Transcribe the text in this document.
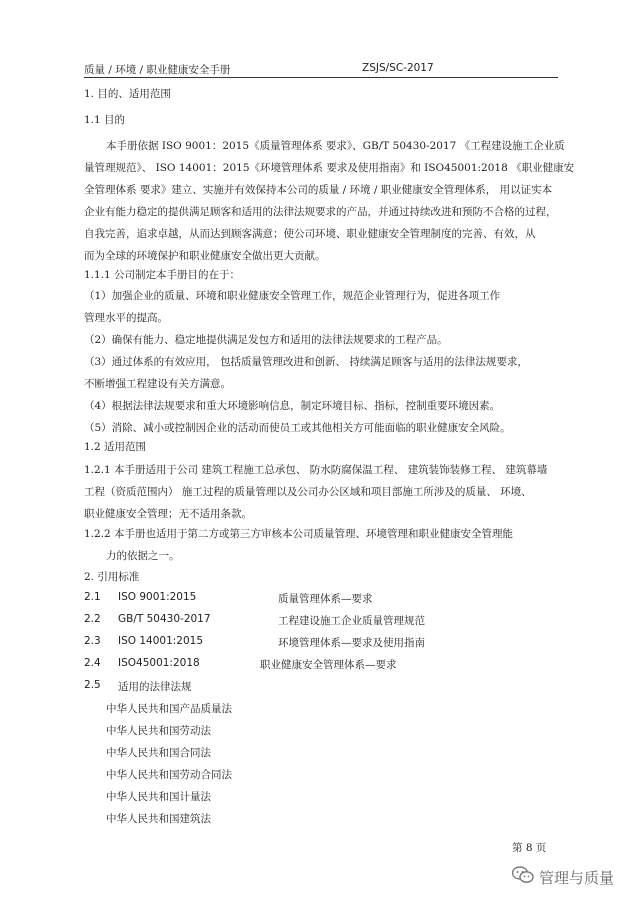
质量 / 环境 / 职业健康安全手册	ZSJS/SC-2017
1. 目的、适用范围
1.1 目的
本手册依据 ISO 9001：2015《质量管理体系 要求》、GB/T 50430-2017 《工程建设施工企业质
量管理规范》、 ISO 14001：2015《环境管理体系 要求及使用指南》和 ISO45001:2018 《职业健康安
全管理体系 要求》建立、实施并有效保持本公司的质量 / 环境 / 职业健康安全管理体系， 用以证实本
企业有能力稳定的提供满足顾客和适用的法律法规要求的产品，并通过持续改进和预防不合格的过程，
自我完善，追求卓越，从而达到顾客满意；使公司环境、职业健康安全管理制度的完善、有效，从
而为全球的环境保护和职业健康安全做出更大贡献。
1.1.1 公司制定本手册目的在于：
（1）加强企业的质量、环境和职业健康安全管理工作，规范企业管理行为，促进各项工作
管理水平的提高。
（2）确保有能力、稳定地提供满足发包方和适用的法律法规要求的工程产品。
（3）通过体系的有效应用， 包括质量管理改进和创新、 持续满足顾客与适用的法律法规要求，
不断增强工程建设有关方满意。
（4）根据法律法规要求和重大环境影响信息，制定环境目标、指标，控制重要环境因素。
（5）消除、减小或控制因企业的活动而使员工或其他相关方可能面临的职业健康安全风险。
1.2 适用范围
1.2.1 本手册适用于公司 建筑工程施工总承包、 防水防腐保温工程、 建筑装饰装修工程、 建筑幕墙
工程（资质范围内） 施工过程的质量管理以及公司办公区域和项目部施工所涉及的质量、 环境、
职业健康安全管理；无不适用条款。
1.2.2 本手册也适用于第二方或第三方审核本公司质量管理、环境管理和职业健康安全管理能
力的依据之一。
2. 引用标准
2.1 ISO 9001:2015	质量管理体系—要求
2.2 GB/T 50430-2017	工程建设施工企业质量管理规范
2.3 ISO 14001:2015	环境管理体系—要求及使用指南
2.4 ISO45001:2018	职业健康安全管理体系—要求
2.5 适用的法律法规
中华人民共和国产品质量法
中华人民共和国劳动法
中华人民共和国合同法
中华人民共和国劳动合同法
中华人民共和国计量法
中华人民共和国建筑法
第 8 页
管理与质量
